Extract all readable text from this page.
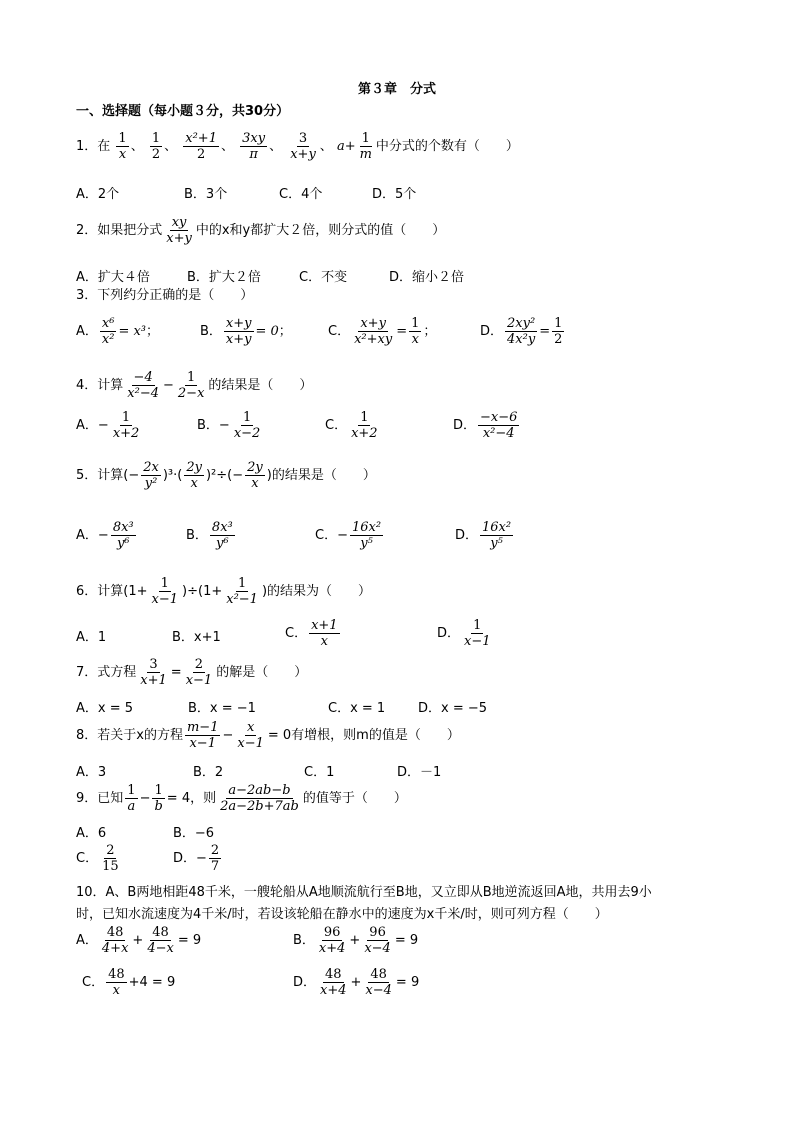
第３章　分式
一、选择题（每小题３分，共30分）
1．在 $\frac{1}{x}$ 、 $\frac{1}{2}$ 、 $\frac{\text{x²+1}}{2}$ 、 $\frac{3xy}{\pi}$ 、 $\frac{3}{x+y}$ 、 $a+ \frac{1}{m}$ 中分式的个数有（　　）
A．2个	B．3个	C．4个	D．5个
2．如果把分式 $\frac{xy}{x+y}$ 中的x和y都扩大２倍，则分式的值（　　）
A．扩大４倍	B．扩大２倍	C．不变	D．缩小２倍
3．下列约分正确的是（　　）
A． $\frac{\text{x⁶}}{\text{x²}} = x^3$；	B． $\frac{x+y}{x+y} = 0$；	C． $\frac{x+y}{\text{x²+xy}} = \frac{1}{x}$ ；	D． $\frac{\text{2xy²}}{\text{4x²y}} = \frac{1}{2}$
4．计算 $\frac{-4}{\text{x²−4}} - \frac{1}{2-x}$ 的结果是（　　）
A．− $\frac{1}{x+2}$	B．− $\frac{1}{x-2}$	C． $\frac{1}{x+2}$	D． $\frac{-x-6}{\text{x²−4}}$
5．计算(− $\frac{2x}{\text{y²}} )^3\cdot( \frac{2y}{x} )^2\div(- \frac{2y}{x}$ )的结果是（　　）
A．− $\frac{\text{8x³}}{\text{y⁶}}$	B． $\frac{\text{8x³}}{\text{y⁶}}$	C．− $\frac{\text{16x²}}{\text{y⁵}}$	D． $\frac{\text{16x²}}{\text{y⁵}}$
6．计算$(1+ \frac{1}{x-1} )\div(1+ \frac{1}{\text{x²−1}}$ )的结果为（　　）
A．1	B．x+1	C． $\frac{x+1}{x}$	D． $\frac{1}{x-1}$
7．式方程 $\frac{3}{x+1} = \frac{2}{x-1}$ 的解是（　　）
A．x = 5	B．x = −1	C．x = 1	D．x = −5
8．若关于x的方程 $\frac{m-1}{x-1} - \frac{x}{x-1} = 0$有增根，则m的值是（　　）
A．3	B．2	C．1	D．－1
9．已知 $\frac{1}{a} - \frac{1}{b} = 4$，则 $\frac{a-2ab-b}{2a-2b+7ab}$ 的值等于（　　）
A．6	B．−6
C． $\frac{2}{15}$	D．− $\frac{2}{7}$
10．A、B两地相距48千米，一艘轮船从A地顺流航行至B地，又立即从B地逆流返回A地，共用去9小
时，已知水流速度为4千米/时，若设该轮船在静水中的速度为x千米/时，则可列方程（　　）
A． $\frac{48}{4+x} + \frac{48}{4-x} = 9$	B． $\frac{96}{x+4} + \frac{96}{x-4} = 9$
C． $\frac{48}{x} +4 = 9$	D． $\frac{48}{x+4} + \frac{48}{x-4} = 9$
